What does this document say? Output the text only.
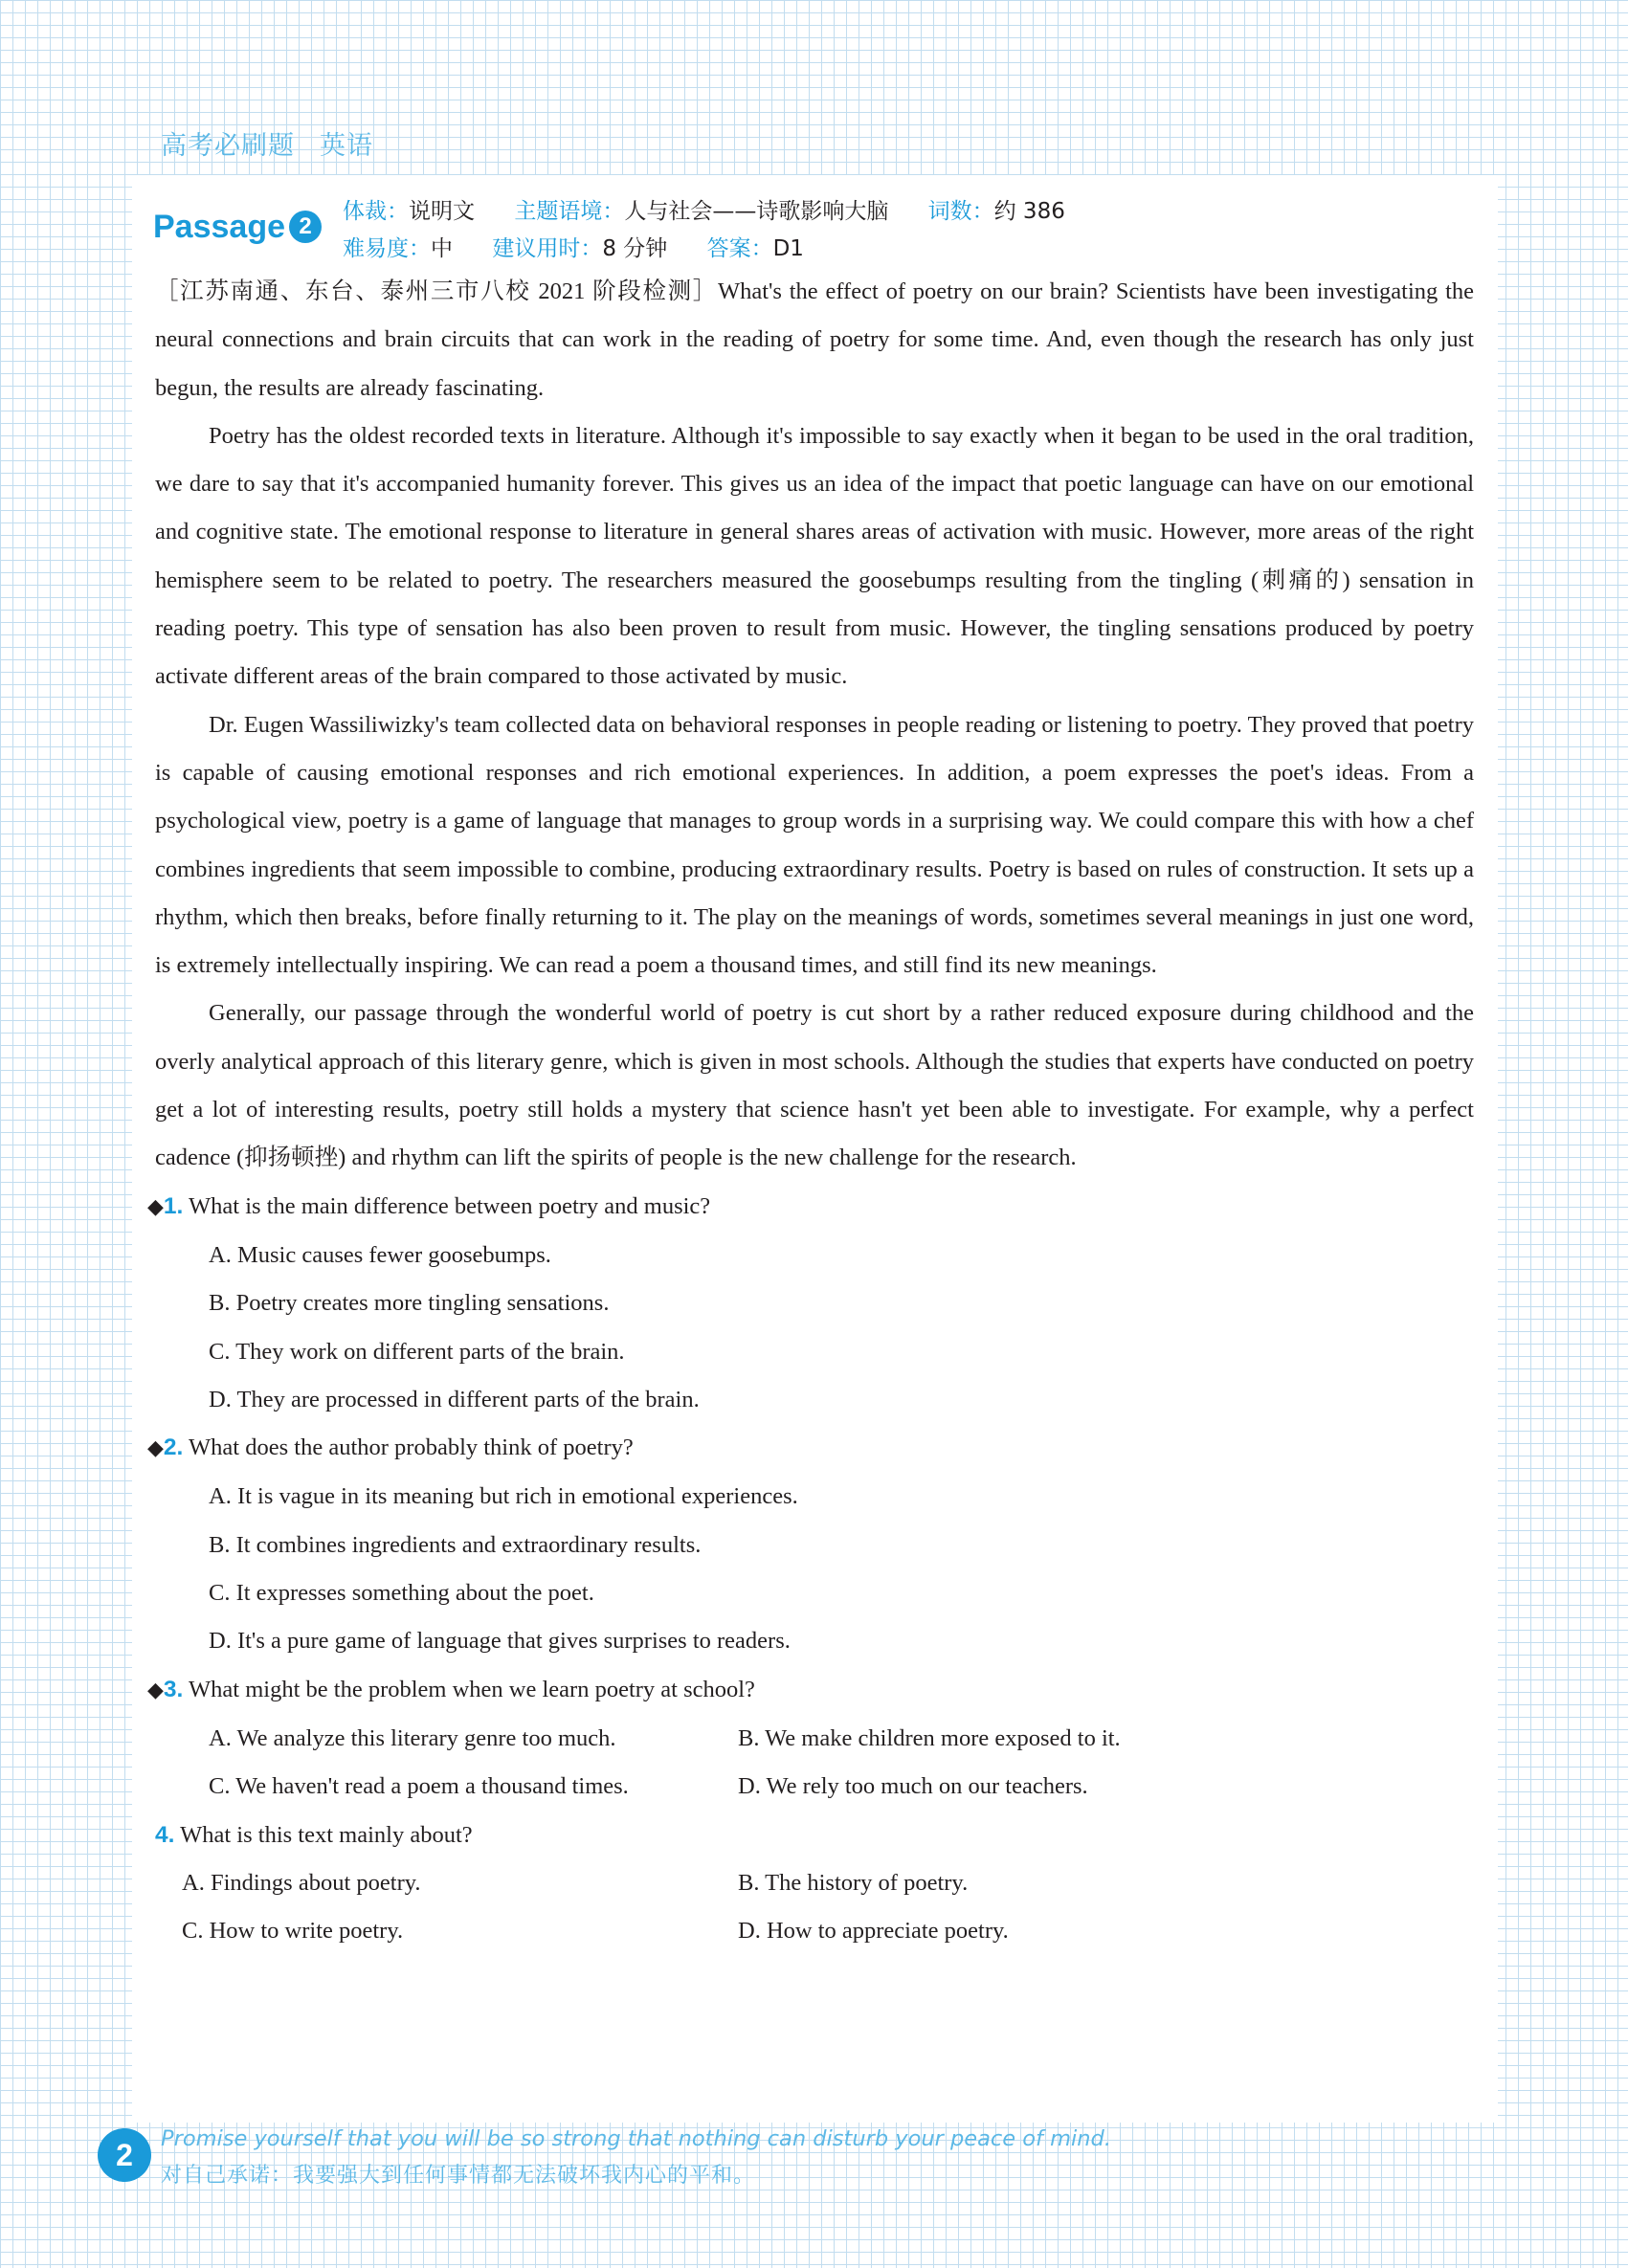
高考必刷题 英语
Passage 2
体裁：说明文 主题语境：人与社会——诗歌影响大脑 词数：约 386
难易度：中 建议用时：8 分钟 答案：D1

［江苏南通、东台、泰州三市八校 2021 阶段检测］What's the effect of poetry on our brain? Scientists have been investigating the neural connections and brain circuits that can work in the reading of poetry for some time. And, even though the research has only just begun, the results are already fascinating.

Poetry has the oldest recorded texts in literature. Although it's impossible to say exactly when it began to be used in the oral tradition, we dare to say that it's accompanied humanity forever. This gives us an idea of the impact that poetic language can have on our emotional and cognitive state. The emotional response to literature in general shares areas of activation with music. However, more areas of the right hemisphere seem to be related to poetry. The researchers measured the goosebumps resulting from the tingling (刺痛的) sensation in reading poetry. This type of sensation has also been proven to result from music. However, the tingling sensations produced by poetry activate different areas of the brain compared to those activated by music.

Dr. Eugen Wassiliwizky's team collected data on behavioral responses in people reading or listening to poetry. They proved that poetry is capable of causing emotional responses and rich emotional experiences. In addition, a poem expresses the poet's ideas. From a psychological view, poetry is a game of language that manages to group words in a surprising way. We could compare this with how a chef combines ingredients that seem impossible to combine, producing extraordinary results. Poetry is based on rules of construction. It sets up a rhythm, which then breaks, before finally returning to it. The play on the meanings of words, sometimes several meanings in just one word, is extremely intellectually inspiring. We can read a poem a thousand times, and still find its new meanings.

Generally, our passage through the wonderful world of poetry is cut short by a rather reduced exposure during childhood and the overly analytical approach of this literary genre, which is given in most schools. Although the studies that experts have conducted on poetry get a lot of interesting results, poetry still holds a mystery that science hasn't yet been able to investigate. For example, why a perfect cadence (抑扬顿挫) and rhythm can lift the spirits of people is the new challenge for the research.

◆1. What is the main difference between poetry and music?

A. Music causes fewer goosebumps.

B. Poetry creates more tingling sensations.

C. They work on different parts of the brain.

D. They are processed in different parts of the brain.

◆2. What does the author probably think of poetry?

A. It is vague in its meaning but rich in emotional experiences.

B. It combines ingredients and extraordinary results.

C. It expresses something about the poet.

D. It's a pure game of language that gives surprises to readers.

◆3. What might be the problem when we learn poetry at school?

A. We analyze this literary genre too much.	B. We make children more exposed to it.

C. We haven't read a poem a thousand times.	D. We rely too much on our teachers.

4. What is this text mainly about?

A. Findings about poetry.	B. The history of poetry.

C. How to write poetry.	D. How to appreciate poetry.

2	Promise yourself that you will be so strong that nothing can disturb your peace of mind.
对自己承诺：我要强大到任何事情都无法破坏我内心的平和。
